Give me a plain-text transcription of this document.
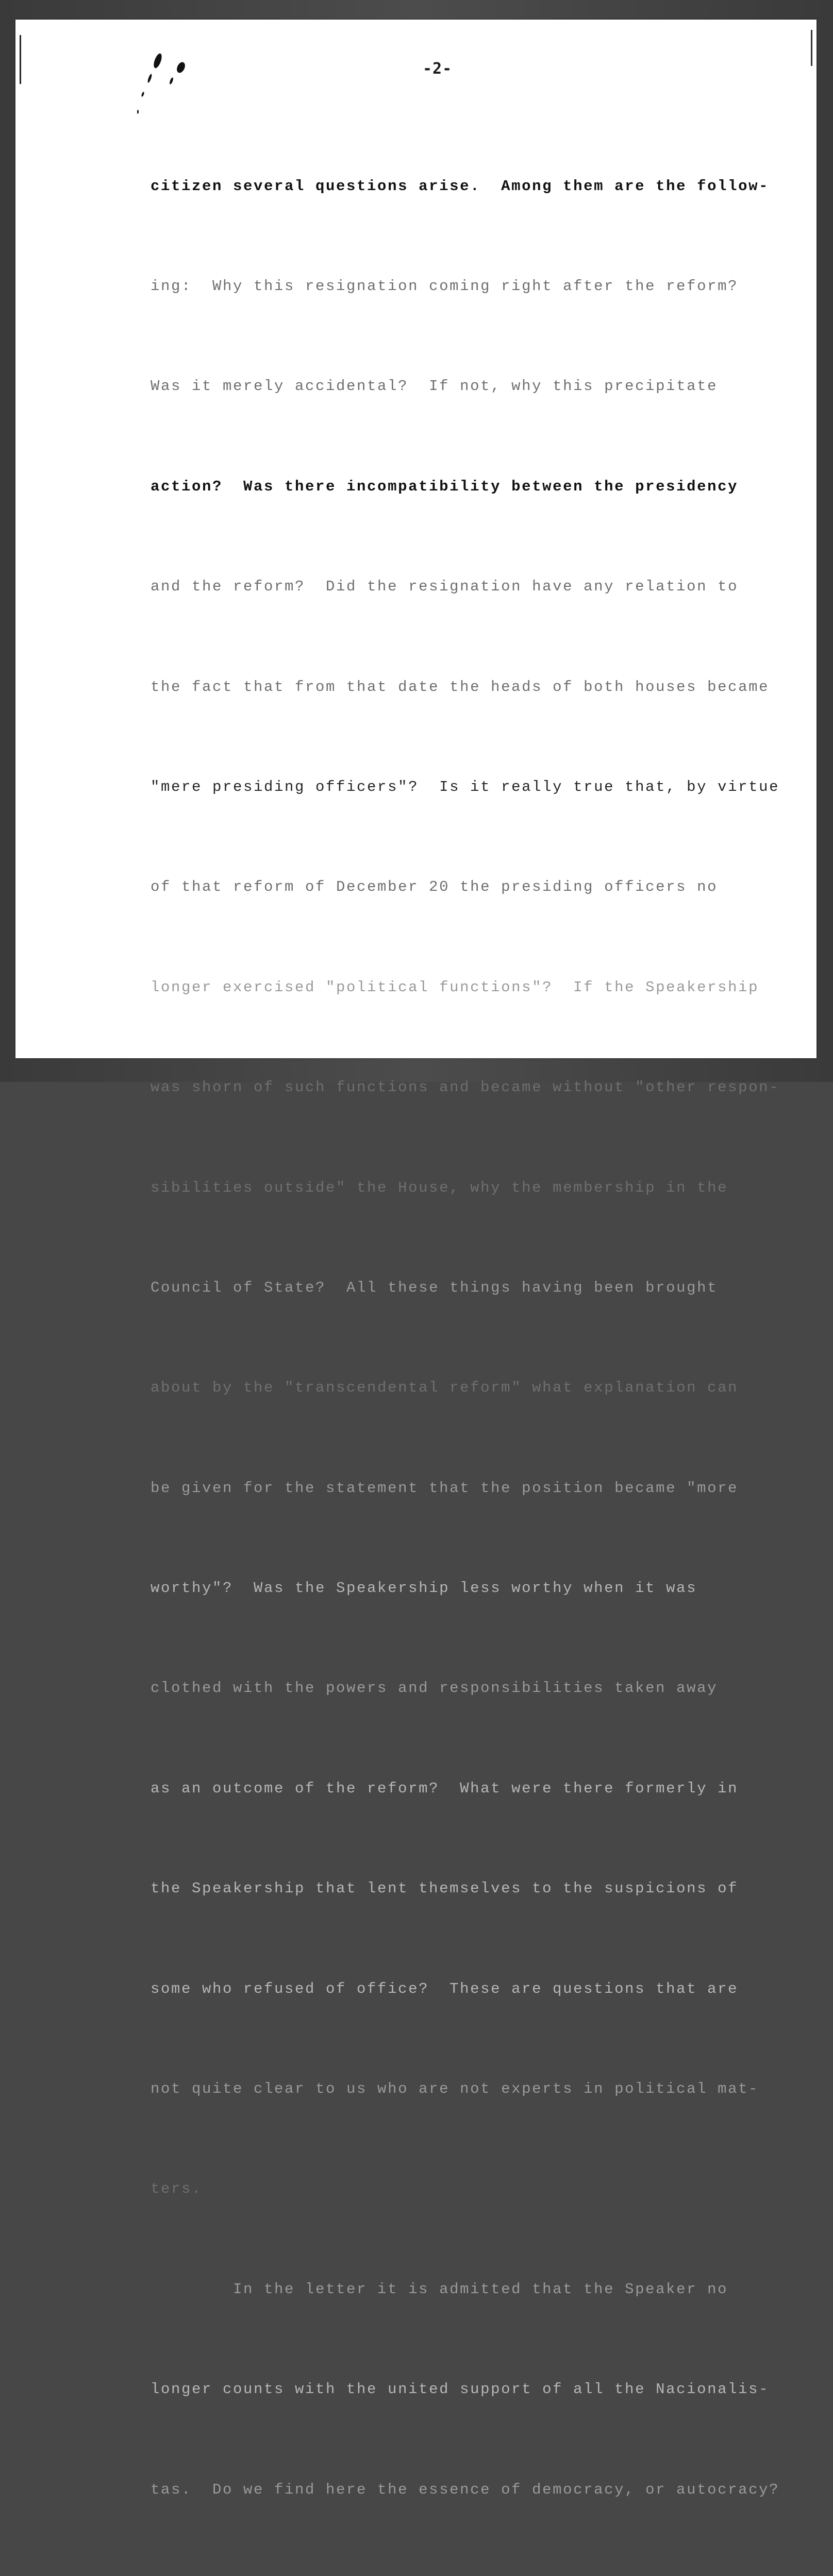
-2-

citizen several questions arise.  Among them are the follow-

ing:  Why this resignation coming right after the reform?

Was it merely accidental?  If not, why this precipitate

action?  Was there incompatibility between the presidency

and the reform?  Did the resignation have any relation to

the fact that from that date the heads of both houses became

"mere presiding officers"?  Is it really true that, by virtue

of that reform of December 20 the presiding officers no

longer exercised "political functions"?  If the Speakership

was shorn of such functions and became without "other respon-

sibilities outside" the House, why the membership in the

Council of State?  All these things having been brought

about by the "transcendental reform" what explanation can

be given for the statement that the position became "more

worthy"?  Was the Speakership less worthy when it was

clothed with the powers and responsibilities taken away

as an outcome of the reform?  What were there formerly in

the Speakership that lent themselves to the suspicions of

some who refused of office?  These are questions that are

not quite clear to us who are not experts in political mat-

ters.

In the letter it is admitted that the Speaker no

longer counts with the united support of all the Nacionalis-

tas.  Do we find here the essence of democracy, or autocracy?
